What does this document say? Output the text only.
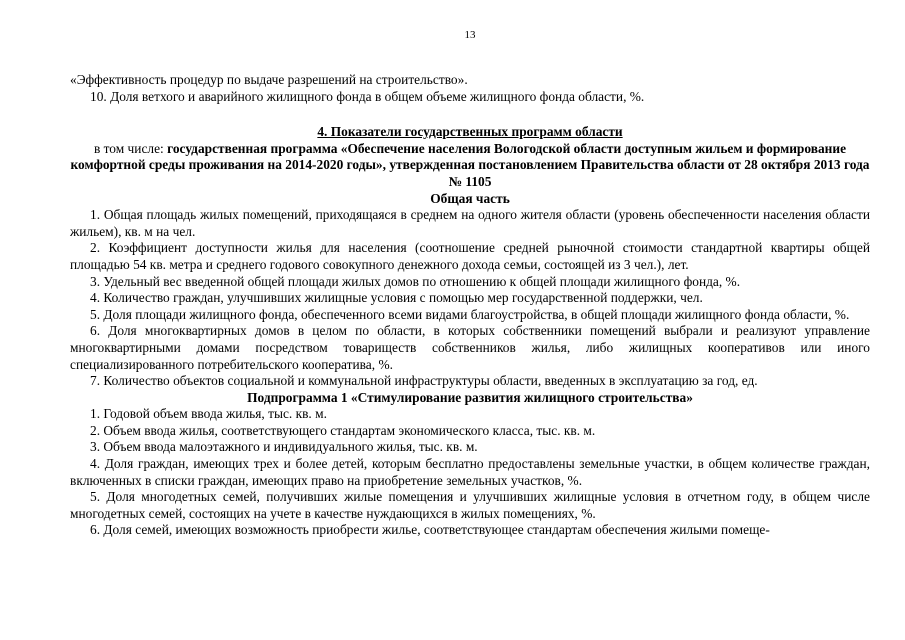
13

«Эффективность процедур по выдаче разрешений на строительство».

10. Доля ветхого и аварийного жилищного фонда в общем объеме жилищного фонда области, %.

4. Показатели государственных программ области
в том числе: государственная программа «Обеспечение населения Вологодской области доступным жильем и формирование комфортной среды проживания на 2014-2020 годы», утвержденная постановлением Правительства области от 28 октября 2013 года № 1105
Общая часть

1. Общая площадь жилых помещений, приходящаяся в среднем на одного жителя области (уровень обеспеченности населения области жильем), кв. м на чел.

2. Коэффициент доступности жилья для населения (соотношение средней рыночной стоимости стандартной квартиры общей площадью 54 кв. метра и среднего годового совокупного денежного дохода семьи, состоящей из 3 чел.), лет.

3. Удельный вес введенной общей площади жилых домов по отношению к общей площади жилищного фонда, %.

4. Количество граждан, улучшивших жилищные условия с помощью мер государственной поддержки, чел.

5. Доля площади жилищного фонда, обеспеченного всеми видами благоустройства, в общей площади жилищного фонда области, %.

6. Доля многоквартирных домов в целом по области, в которых собственники помещений выбрали и реализуют управление многоквартирными домами посредством товариществ собственников жилья, либо жилищных кооперативов или иного специализированного потребительского кооператива, %.

7. Количество объектов социальной и коммунальной инфраструктуры области, введенных в эксплуатацию за год, ед.

Подпрограмма 1 «Стимулирование развития жилищного строительства»

1. Годовой объем ввода жилья, тыс. кв. м.

2. Объем ввода жилья, соответствующего стандартам экономического класса, тыс. кв. м.

3. Объем ввода малоэтажного и индивидуального жилья, тыс. кв. м.

4. Доля граждан, имеющих трех и более детей, которым бесплатно предоставлены земельные участки, в общем количестве граждан, включенных в списки граждан, имеющих право на приобретение земельных участков, %.

5. Доля многодетных семей, получивших жилые помещения и улучшивших жилищные условия в отчетном году, в общем числе многодетных семей, состоящих на учете в качестве нуждающихся в жилых помещениях, %.

6. Доля семей, имеющих возможность приобрести жилье, соответствующее стандартам обеспечения жилыми помеще-
